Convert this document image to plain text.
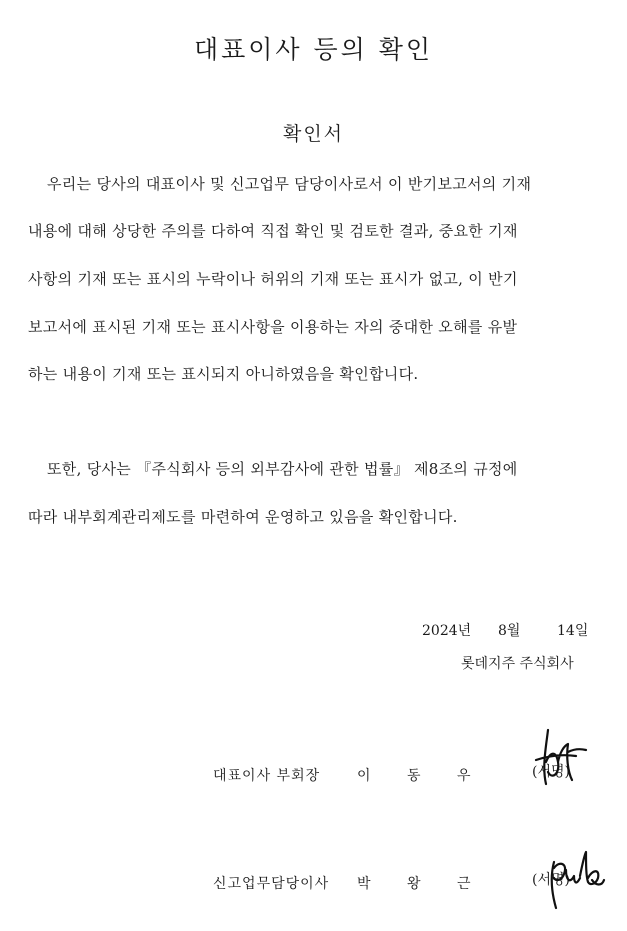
대표이사 등의 확인
확인서
우리는 당사의 대표이사 및 신고업무 담당이사로서 이 반기보고서의 기재
내용에 대해 상당한 주의를 다하여 직접 확인 및 검토한 결과, 중요한 기재
사항의 기재 또는 표시의 누락이나 허위의 기재 또는 표시가 없고, 이 반기
보고서에 표시된 기재 또는 표시사항을 이용하는 자의 중대한 오해를 유발
하는 내용이 기재 또는 표시되지 아니하였음을 확인합니다.
또한, 당사는 『주식회사 등의 외부감사에 관한 법률』 제8조의 규정에
따라 내부회계관리제도를 마련하여 운영하고 있음을 확인합니다.
2024년 8월	14일
롯데지주 주식회사
대표이사 부회장	이 동 우	(서명)
신고업무담당이사 박 왕 근	(서명)
